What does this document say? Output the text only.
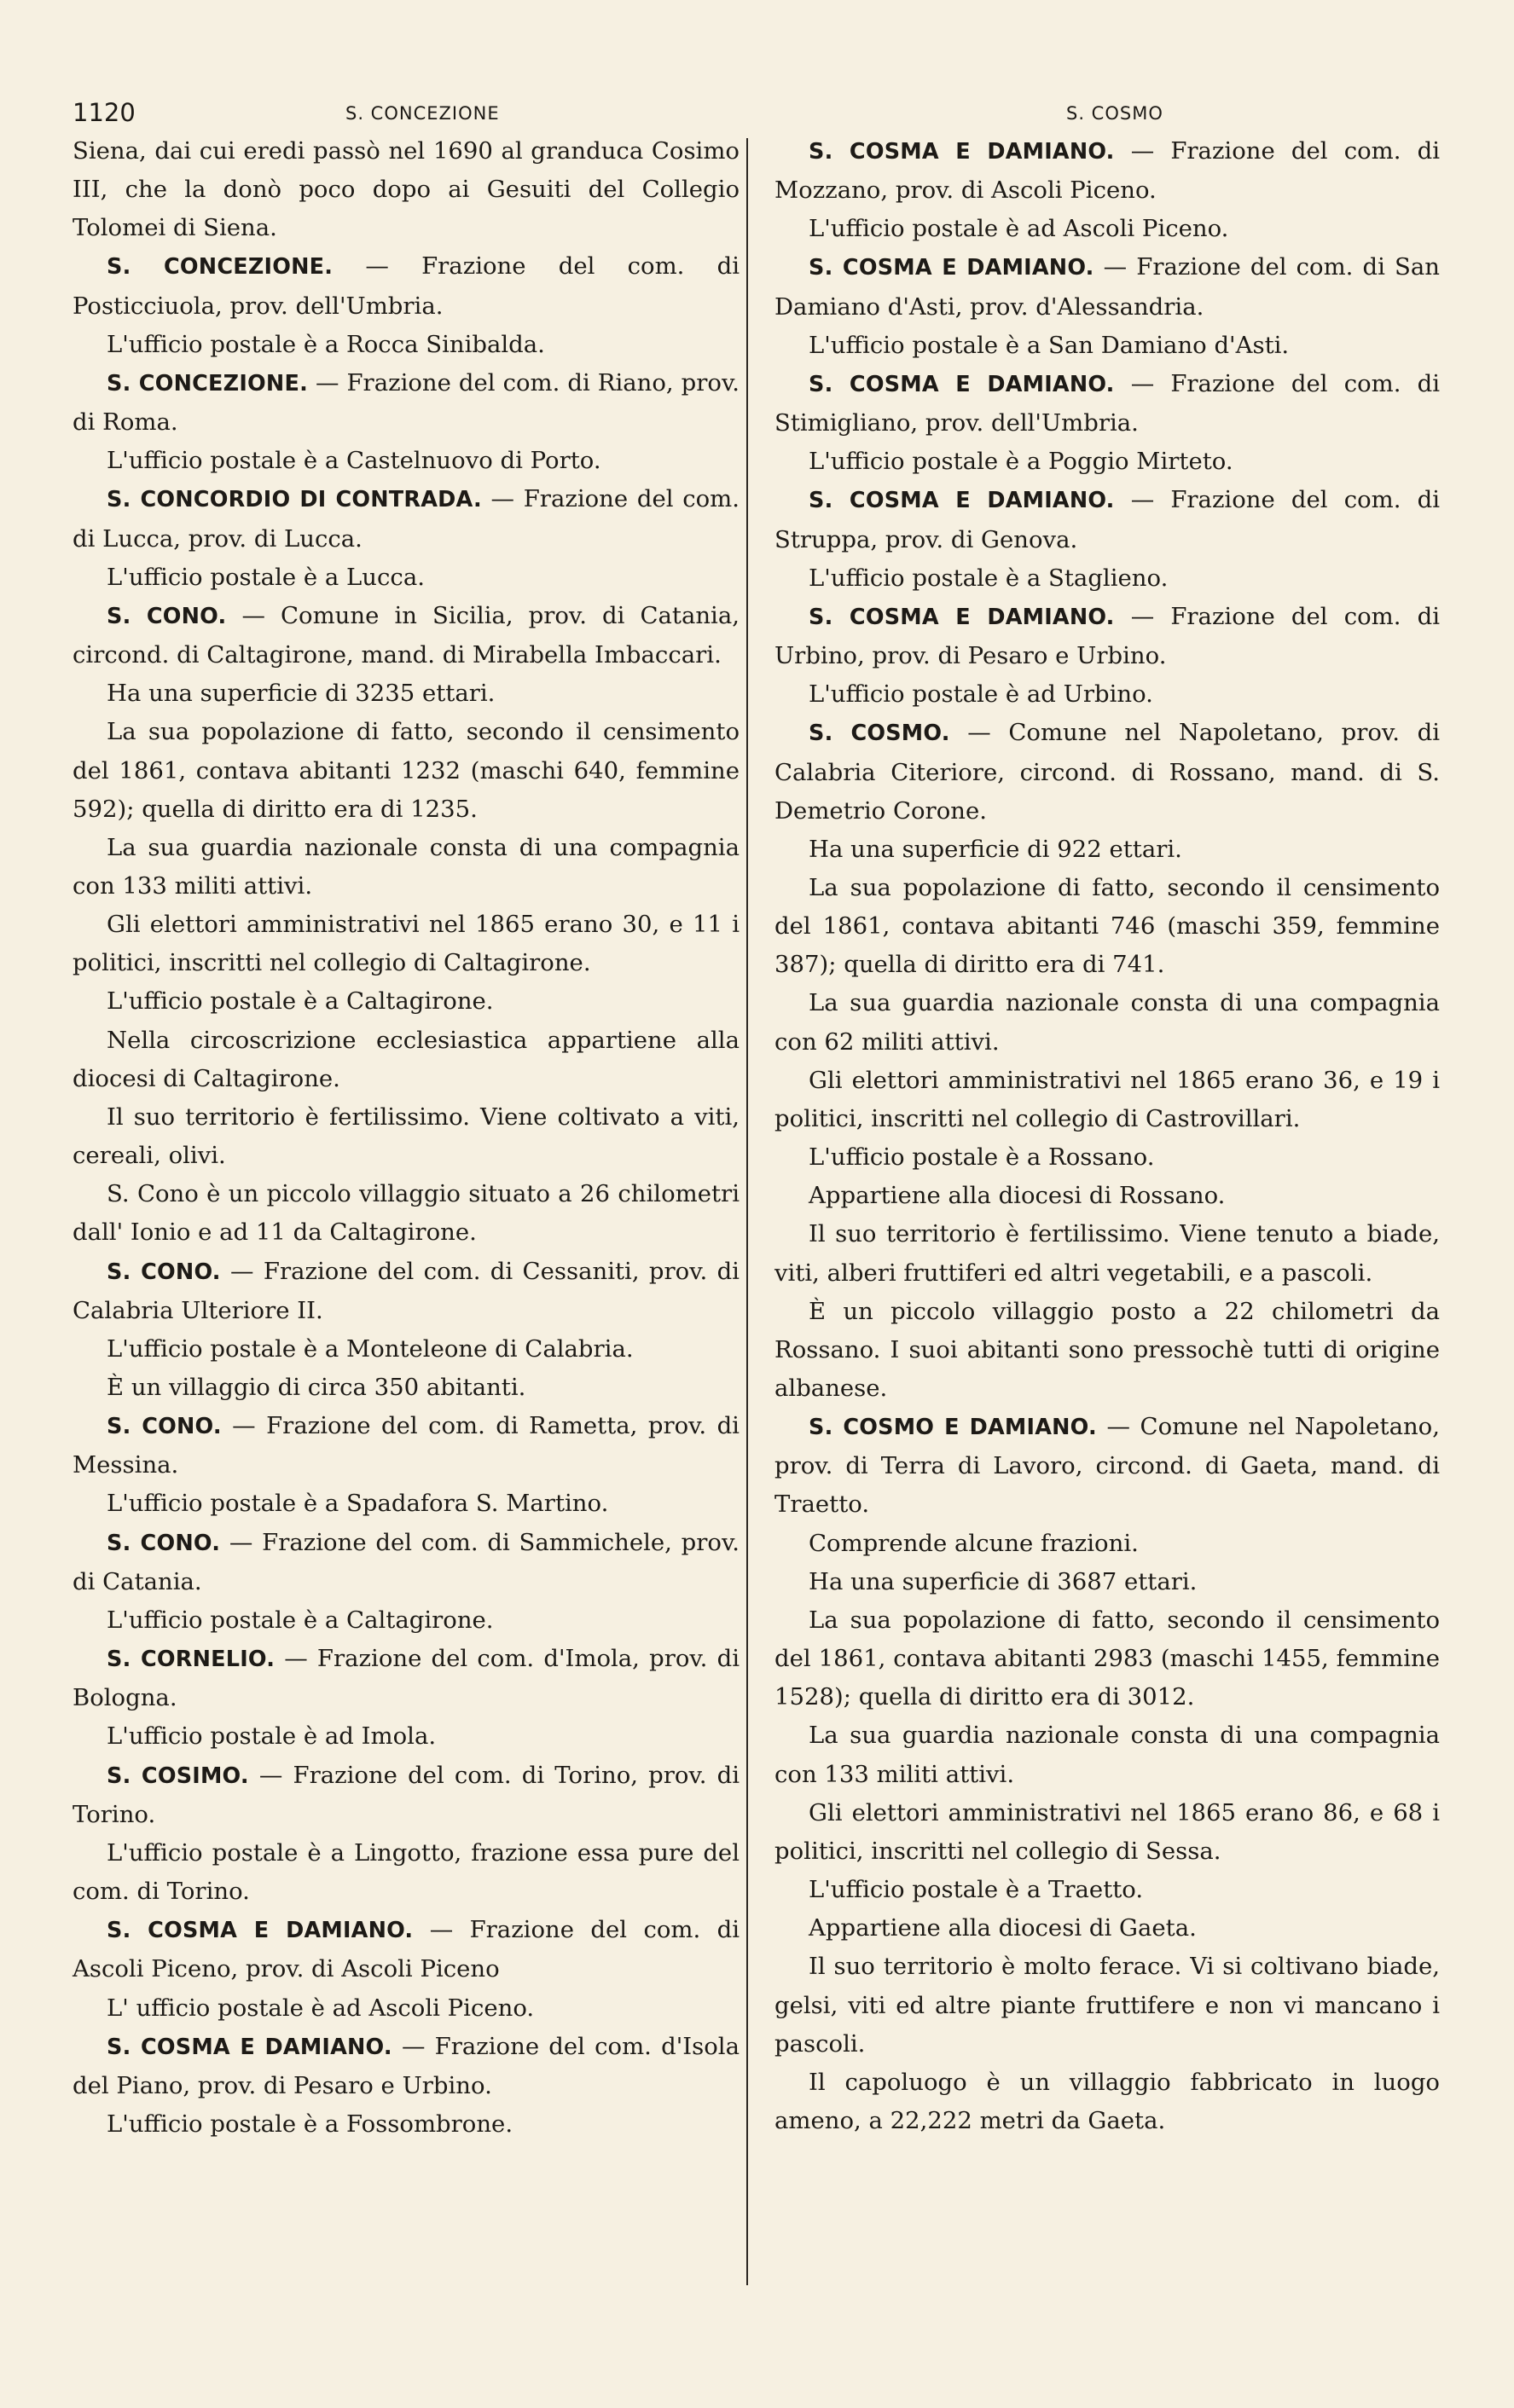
1120	S. CONCEZIONE	S. COSMO

Siena, dai cui eredi passò nel 1690 al granduca Cosimo III, che la donò poco dopo ai Gesuiti del Collegio Tolomei di Siena.

S. CONCEZIONE. — Frazione del com. di Posticciuola, prov. dell'Umbria.

L'ufficio postale è a Rocca Sinibalda.

S. CONCEZIONE. — Frazione del com. di Riano, prov. di Roma.

L'ufficio postale è a Castelnuovo di Porto.

S. CONCORDIO DI CONTRADA. — Frazione del com. di Lucca, prov. di Lucca.

L'ufficio postale è a Lucca.

S. CONO. — Comune in Sicilia, prov. di Catania, circond. di Caltagirone, mand. di Mirabella Imbaccari.

Ha una superficie di 3235 ettari.

La sua popolazione di fatto, secondo il censimento del 1861, contava abitanti 1232 (maschi 640, femmine 592); quella di diritto era di 1235.

La sua guardia nazionale consta di una compagnia con 133 militi attivi.

Gli elettori amministrativi nel 1865 erano 30, e 11 i politici, inscritti nel collegio di Caltagirone.

L'ufficio postale è a Caltagirone.

Nella circoscrizione ecclesiastica appartiene alla diocesi di Caltagirone.

Il suo territorio è fertilissimo. Viene coltivato a viti, cereali, olivi.

S. Cono è un piccolo villaggio situato a 26 chilometri dall' Ionio e ad 11 da Caltagirone.

S. CONO. — Frazione del com. di Cessaniti, prov. di Calabria Ulteriore II.

L'ufficio postale è a Monteleone di Calabria.

È un villaggio di circa 350 abitanti.

S. CONO. — Frazione del com. di Rametta, prov. di Messina.

L'ufficio postale è a Spadafora S. Martino.

S. CONO. — Frazione del com. di Sammichele, prov. di Catania.

L'ufficio postale è a Caltagirone.

S. CORNELIO. — Frazione del com. d'Imola, prov. di Bologna.

L'ufficio postale è ad Imola.

S. COSIMO. — Frazione del com. di Torino, prov. di Torino.

L'ufficio postale è a Lingotto, frazione essa pure del com. di Torino.

S. COSMA E DAMIANO. — Frazione del com. di Ascoli Piceno, prov. di Ascoli Piceno

L' ufficio postale è ad Ascoli Piceno.

S. COSMA E DAMIANO. — Frazione del com. d'Isola del Piano, prov. di Pesaro e Urbino.

L'ufficio postale è a Fossombrone.

S. COSMA E DAMIANO. — Frazione del com. di Mozzano, prov. di Ascoli Piceno.

L'ufficio postale è ad Ascoli Piceno.

S. COSMA E DAMIANO. — Frazione del com. di San Damiano d'Asti, prov. d'Alessandria.

L'ufficio postale è a San Damiano d'Asti.

S. COSMA E DAMIANO. — Frazione del com. di Stimigliano, prov. dell'Umbria.

L'ufficio postale è a Poggio Mirteto.

S. COSMA E DAMIANO. — Frazione del com. di Struppa, prov. di Genova.

L'ufficio postale è a Staglieno.

S. COSMA E DAMIANO. — Frazione del com. di Urbino, prov. di Pesaro e Urbino.

L'ufficio postale è ad Urbino.

S. COSMO. — Comune nel Napoletano, prov. di Calabria Citeriore, circond. di Rossano, mand. di S. Demetrio Corone.

Ha una superficie di 922 ettari.

La sua popolazione di fatto, secondo il censimento del 1861, contava abitanti 746 (maschi 359, femmine 387); quella di diritto era di 741.

La sua guardia nazionale consta di una compagnia con 62 militi attivi.

Gli elettori amministrativi nel 1865 erano 36, e 19 i politici, inscritti nel collegio di Castrovillari.

L'ufficio postale è a Rossano.

Appartiene alla diocesi di Rossano.

Il suo territorio è fertilissimo. Viene tenuto a biade, viti, alberi fruttiferi ed altri vegetabili, e a pascoli.

È un piccolo villaggio posto a 22 chilometri da Rossano. I suoi abitanti sono pressochè tutti di origine albanese.

S. COSMO E DAMIANO. — Comune nel Napoletano, prov. di Terra di Lavoro, circond. di Gaeta, mand. di Traetto.

Comprende alcune frazioni.

Ha una superficie di 3687 ettari.

La sua popolazione di fatto, secondo il censimento del 1861, contava abitanti 2983 (maschi 1455, femmine 1528); quella di diritto era di 3012.

La sua guardia nazionale consta di una compagnia con 133 militi attivi.

Gli elettori amministrativi nel 1865 erano 86, e 68 i politici, inscritti nel collegio di Sessa.

L'ufficio postale è a Traetto.

Appartiene alla diocesi di Gaeta.

Il suo territorio è molto ferace. Vi si coltivano biade, gelsi, viti ed altre piante fruttifere e non vi mancano i pascoli.

Il capoluogo è un villaggio fabbricato in luogo ameno, a 22,222 metri da Gaeta.
